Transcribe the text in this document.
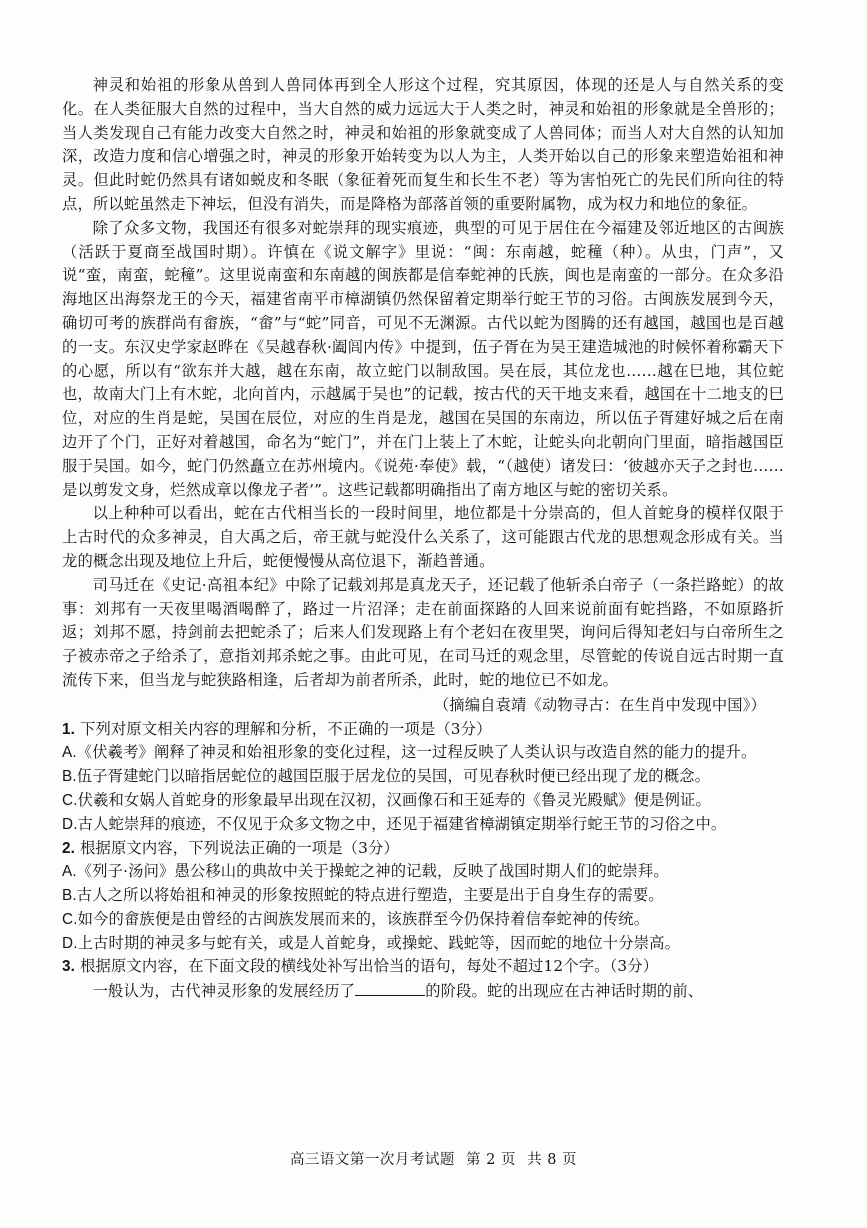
神灵和始祖的形象从兽到人兽同体再到全人形这个过程，究其原因，体现的还是人与自然关系的变化。在人类征服大自然的过程中，当大自然的威力远远大于人类之时，神灵和始祖的形象就是全兽形的；当人类发现自己有能力改变大自然之时，神灵和始祖的形象就变成了人兽同体；而当人对大自然的认知加深，改造力度和信心增强之时，神灵的形象开始转变为以人为主，人类开始以自己的形象来塑造始祖和神灵。但此时蛇仍然具有诸如蜕皮和冬眠（象征着死而复生和长生不老）等为害怕死亡的先民们所向往的特点，所以蛇虽然走下神坛，但没有消失，而是降格为部落首领的重要附属物，成为权力和地位的象征。

除了众多文物，我国还有很多对蛇崇拜的现实痕迹，典型的可见于居住在今福建及邻近地区的古闽族（活跃于夏商至战国时期）。许慎在《说文解字》里说：“闽：东南越，蛇穜（种）。从虫，门声”，又说“蛮，南蛮，蛇穜”。这里说南蛮和东南越的闽族都是信奉蛇神的氏族，闽也是南蛮的一部分。在众多沿海地区出海祭龙王的今天，福建省南平市樟湖镇仍然保留着定期举行蛇王节的习俗。古闽族发展到今天，确切可考的族群尚有畲族，“畲”与“蛇”同音，可见不无渊源。古代以蛇为图腾的还有越国，越国也是百越的一支。东汉史学家赵晔在《吴越春秋·阖闾内传》中提到，伍子胥在为吴王建造城池的时候怀着称霸天下的心愿，所以有“欲东并大越，越在东南，故立蛇门以制敌国。吴在辰，其位龙也……越在巳地，其位蛇也，故南大门上有木蛇，北向首内，示越属于吴也”的记载，按古代的天干地支来看，越国在十二地支的巳位，对应的生肖是蛇，吴国在辰位，对应的生肖是龙，越国在吴国的东南边，所以伍子胥建好城之后在南边开了个门，正好对着越国，命名为“蛇门”，并在门上装上了木蛇，让蛇头向北朝向门里面，暗指越国臣服于吴国。如今，蛇门仍然矗立在苏州境内。《说苑·奉使》载，“（越使）诸发曰：‘彼越亦天子之封也……是以剪发文身，烂然成章以像龙子者’”。这些记载都明确指出了南方地区与蛇的密切关系。

以上种种可以看出，蛇在古代相当长的一段时间里，地位都是十分崇高的，但人首蛇身的模样仅限于上古时代的众多神灵，自大禹之后，帝王就与蛇没什么关系了，这可能跟古代龙的思想观念形成有关。当龙的概念出现及地位上升后，蛇便慢慢从高位退下，渐趋普通。

司马迁在《史记·高祖本纪》中除了记载刘邦是真龙天子，还记载了他斩杀白帝子（一条拦路蛇）的故事：刘邦有一天夜里喝酒喝醉了，路过一片沼泽；走在前面探路的人回来说前面有蛇挡路，不如原路折返；刘邦不愿，持剑前去把蛇杀了；后来人们发现路上有个老妇在夜里哭，询问后得知老妇与白帝所生之子被赤帝之子给杀了，意指刘邦杀蛇之事。由此可见，在司马迁的观念里，尽管蛇的传说自远古时期一直流传下来，但当龙与蛇狭路相逢，后者却为前者所杀，此时，蛇的地位已不如龙。

（摘编自袁靖《动物寻古：在生肖中发现中国》）

1. 下列对原文相关内容的理解和分析，不正确的一项是（3分）

A.《伏羲考》阐释了神灵和始祖形象的变化过程，这一过程反映了人类认识与改造自然的能力的提升。

B.伍子胥建蛇门以暗指居蛇位的越国臣服于居龙位的吴国，可见春秋时便已经出现了龙的概念。

C.伏羲和女娲人首蛇身的形象最早出现在汉初，汉画像石和王延寿的《鲁灵光殿赋》便是例证。

D.古人蛇崇拜的痕迹，不仅见于众多文物之中，还见于福建省樟湖镇定期举行蛇王节的习俗之中。

2. 根据原文内容，下列说法正确的一项是（3分）

A.《列子·汤问》愚公移山的典故中关于操蛇之神的记载，反映了战国时期人们的蛇崇拜。

B.古人之所以将始祖和神灵的形象按照蛇的特点进行塑造，主要是出于自身生存的需要。

C.如今的畲族便是由曾经的古闽族发展而来的，该族群至今仍保持着信奉蛇神的传统。

D.上古时期的神灵多与蛇有关，或是人首蛇身，或操蛇、践蛇等，因而蛇的地位十分崇高。

3. 根据原文内容，在下面文段的横线处补写出恰当的语句，每处不超过12个字。（3分）

一般认为，古代神灵形象的发展经历了	的阶段。蛇的出现应在古神话时期的前、

高三语文第一次月考试题 第 2 页 共 8 页
